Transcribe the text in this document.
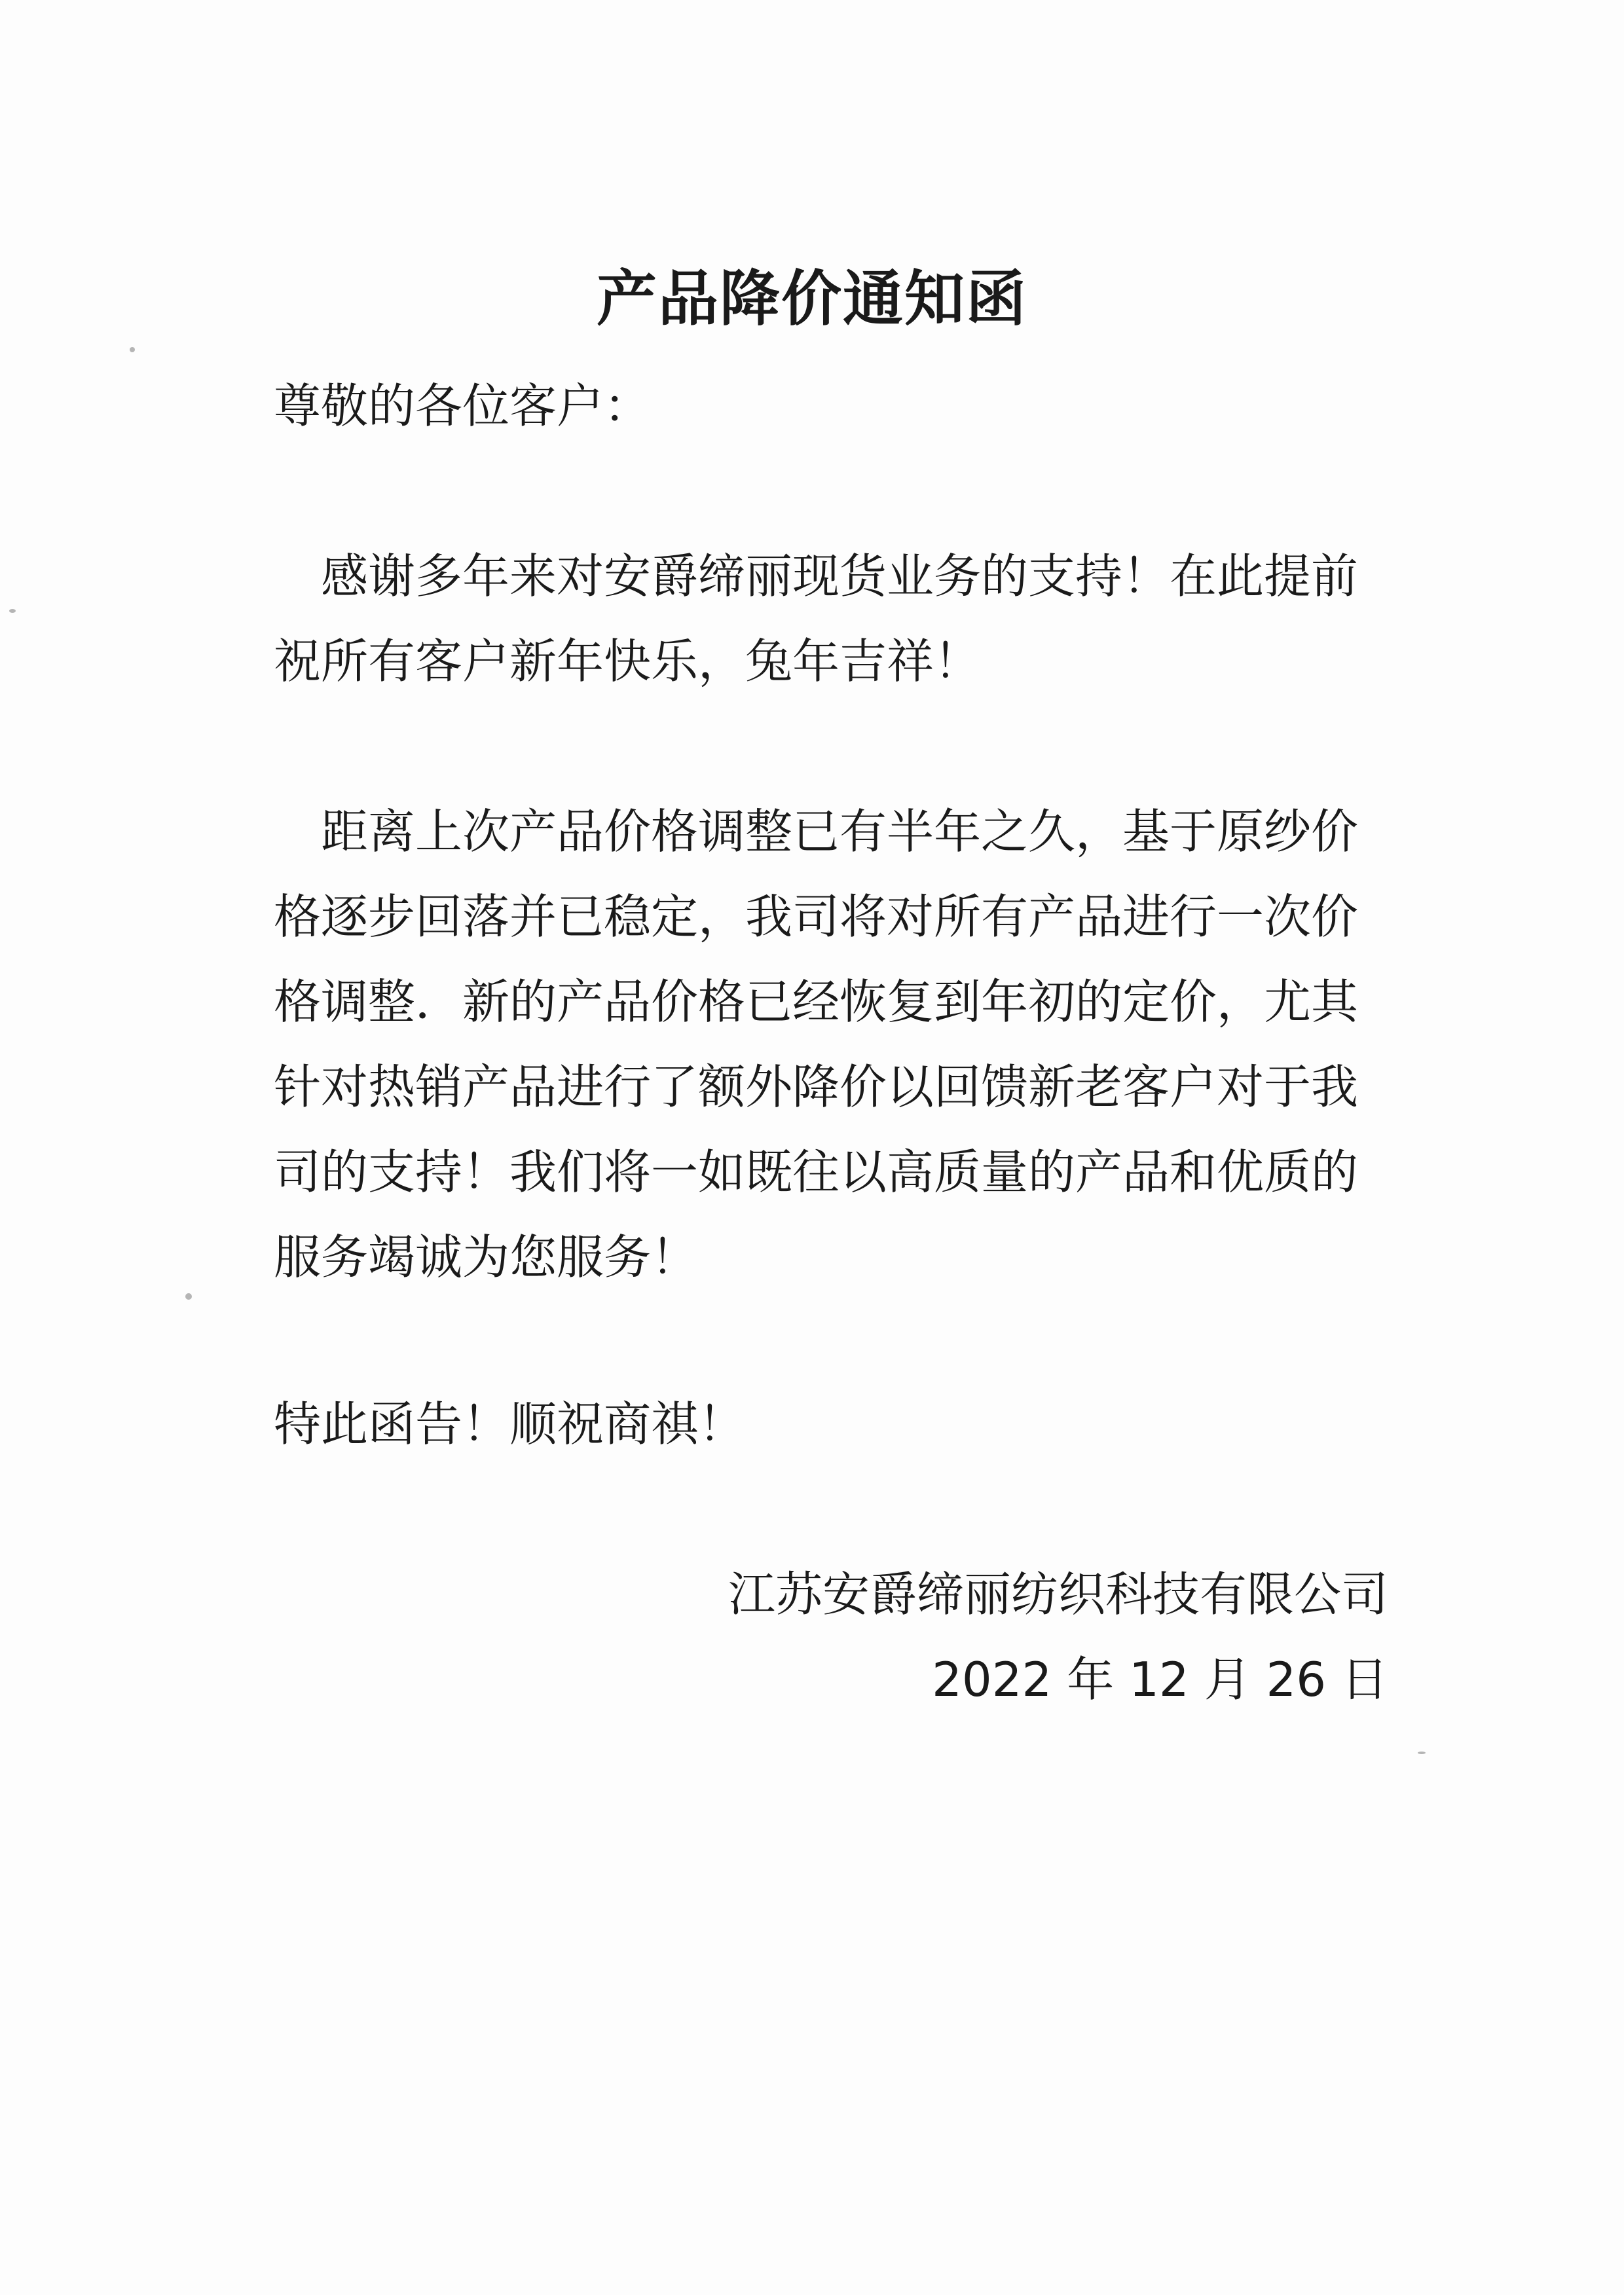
产品降价通知函

尊敬的各位客户：

感谢多年来对安爵缔丽现货业务的支持！在此提前祝所有客户新年快乐，兔年吉祥！

距离上次产品价格调整已有半年之久，基于原纱价格逐步回落并已稳定，我司将对所有产品进行一次价格调整．新的产品价格已经恢复到年初的定价，尤其针对热销产品进行了额外降价以回馈新老客户对于我司的支持！我们将一如既往以高质量的产品和优质的服务竭诚为您服务！

特此函告！顺祝商祺！

江苏安爵缔丽纺织科技有限公司
2022 年 12 月 26 日
